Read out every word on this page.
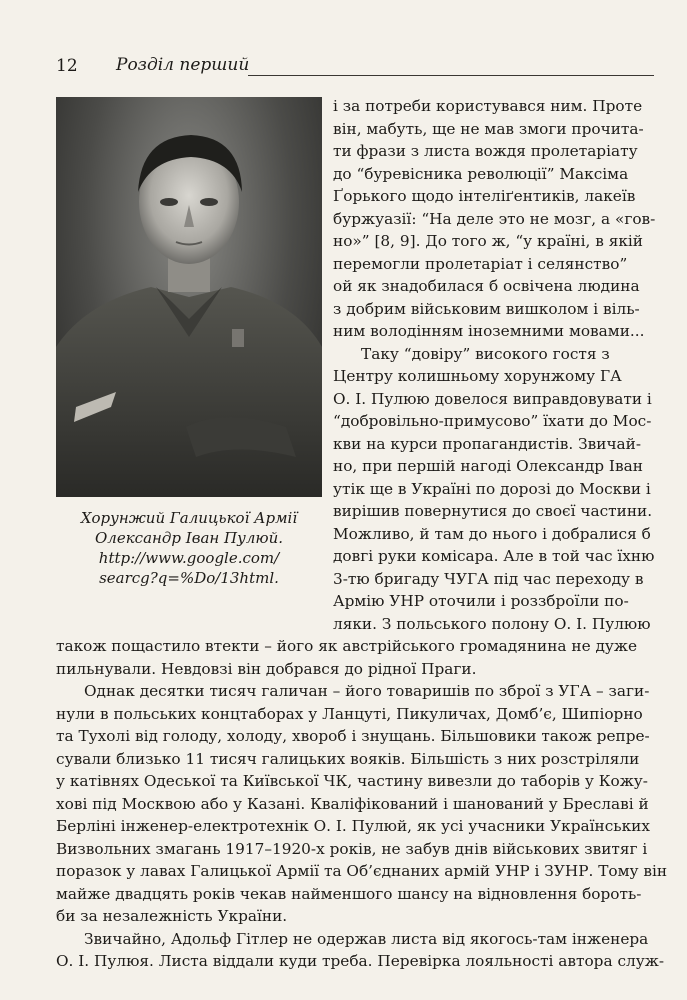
12 Розділ перший
Хорунжий Галицької Армії
Олександр Іван Пулюй.
http://www.google.com/
searcg?q=%Do/13html.
і за потреби користувався ним. Проте
він, мабуть, ще не мав змоги прочита-
ти фрази з листа вождя пролетаріату
до “буревісника революції” Максіма
Ґорького щодо інтеліґентиків, лакеїв
буржуазії: “На деле это не мозг, а «гов-
но»” [8, 9]. До того ж, “у країні, в якій
перемогли пролетаріат і селянство”
ой як знадобилася б освічена людина
з добрим військовим вишколом і віль-
ним володінням іноземними мовами...
Таку “довіру” високого гостя з
Центру колишньому хорунжому ГА
О. І. Пулюю довелося виправдовувати і
“добровільно-примусово” їхати до Мос-
кви на курси пропагандистів. Звичай-
но, при першій нагоді Олександр Іван
утік ще в Україні по дорозі до Москви і
вирішив повернутися до своєї частини.
Можливо, й там до нього і добралися б
довгі руки комісара. Але в той час їхню
3-тю бригаду ЧУГА під час переходу в
Армію УНР оточили і роззброїли по-
ляки. З польського полону О. І. Пулюю
також пощастило втекти – його як австрійського громадянина не дуже
пильнували. Невдовзі він добрався до рідної Праги.
Однак десятки тисяч галичан – його товаришів по зброї з УГА – заги-
нули в польських концтаборах у Ланцуті, Пикуличах, Домб’є, Шипіорно
та Тухолі від голоду, холоду, хвороб і знущань. Більшовики також репре-
сували близько 11 тисяч галицьких вояків. Більшість з них розстріляли
у катівнях Одеської та Київської ЧК, частину вивезли до таборів у Кожу-
хові під Москвою або у Казані. Кваліфікований і шанований у Бреславі й
Берліні інженер-електротехнік О. І. Пулюй, як усі учасники Українських
Визвольних змагань 1917–1920-х років, не забув днів військових звитяг і
поразок у лавах Галицької Армії та Об’єднаних армій УНР і ЗУНР. Тому він
майже двадцять років чекав найменшого шансу на відновлення бороть-
би за незалежність України.
Звичайно, Адольф Гітлер не одержав листа від якогось-там інженера
О. І. Пулюя. Листа віддали куди треба. Перевірка лояльності автора служ-
